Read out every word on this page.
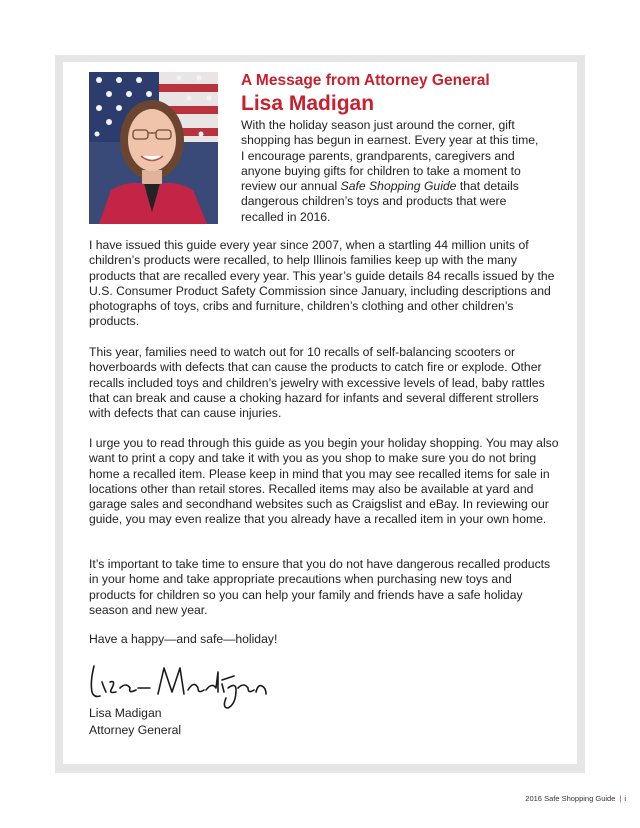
A Message from Attorney General
Lisa Madigan

With the holiday season just around the corner, gift shopping has begun in earnest. Every year at this time, I encourage parents, grandparents, caregivers and anyone buying gifts for children to take a moment to review our annual Safe Shopping Guide that details dangerous children’s toys and products that were recalled in 2016.

I have issued this guide every year since 2007, when a startling 44 million units of children’s products were recalled, to help Illinois families keep up with the many products that are recalled every year. This year’s guide details 84 recalls issued by the U.S. Consumer Product Safety Commission since January, including descriptions and photographs of toys, cribs and furniture, children’s clothing and other children’s products.

This year, families need to watch out for 10 recalls of self-balancing scooters or hoverboards with defects that can cause the products to catch fire or explode. Other recalls included toys and children’s jewelry with excessive levels of lead, baby rattles that can break and cause a choking hazard for infants and several different strollers with defects that can cause injuries.

I urge you to read through this guide as you begin your holiday shopping. You may also want to print a copy and take it with you as you shop to make sure you do not bring home a recalled item. Please keep in mind that you may see recalled items for sale in locations other than retail stores. Recalled items may also be available at yard and garage sales and secondhand websites such as Craigslist and eBay. In reviewing our guide, you may even realize that you already have a recalled item in your own home.

It’s important to take time to ensure that you do not have dangerous recalled products in your home and take appropriate precautions when purchasing new toys and products for children so you can help your family and friends have a safe holiday season and new year.

Have a happy—and safe—holiday!

Lisa Madigan

Attorney General

2016 Safe Shopping Guide | i
